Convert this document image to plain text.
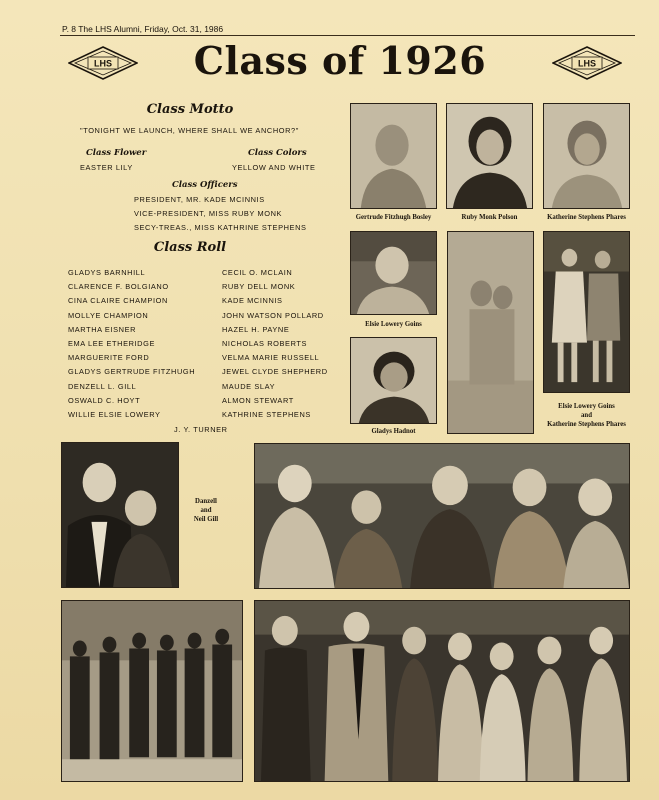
P. 8 The LHS Alumni, Friday, Oct. 31, 1986
LHS	LHS
Class of 1926
Class Motto
"TONIGHT WE LAUNCH, WHERE SHALL WE ANCHOR?"
Class Flower
EASTER LILY
Class Colors
YELLOW AND WHITE
Class Officers
PRESIDENT, MR. KADE MCINNIS
VICE-PRESIDENT, MISS RUBY MONK
SECY-TREAS., MISS KATHRINE STEPHENS
Class Roll
GLADYS BARNHILL
CLARENCE F. BOLGIANO
CINA CLAIRE CHAMPION
MOLLYE CHAMPION
MARTHA EISNER
EMA LEE ETHERIDGE
MARGUERITE FORD
GLADYS GERTRUDE FITZHUGH
DENZELL L. GILL
OSWALD C. HOYT
WILLIE ELSIE LOWERY
CECIL O. MCLAIN
RUBY DELL MONK
KADE MCINNIS
JOHN WATSON POLLARD
HAZEL H. PAYNE
NICHOLAS ROBERTS
VELMA MARIE RUSSELL
JEWEL CLYDE SHEPHERD
MAUDE SLAY
ALMON STEWART
KATHRINE STEPHENS
J. Y. TURNER
Gertrude Fitzhugh Bosley	Ruby Monk Polson	Katherine Stephens Phares
Elsie Lowery Goins
Gladys Hadnot
Elsie Lowery Goins
and
Katherine Stephens Phares
Danzell
and
Neil Gill
